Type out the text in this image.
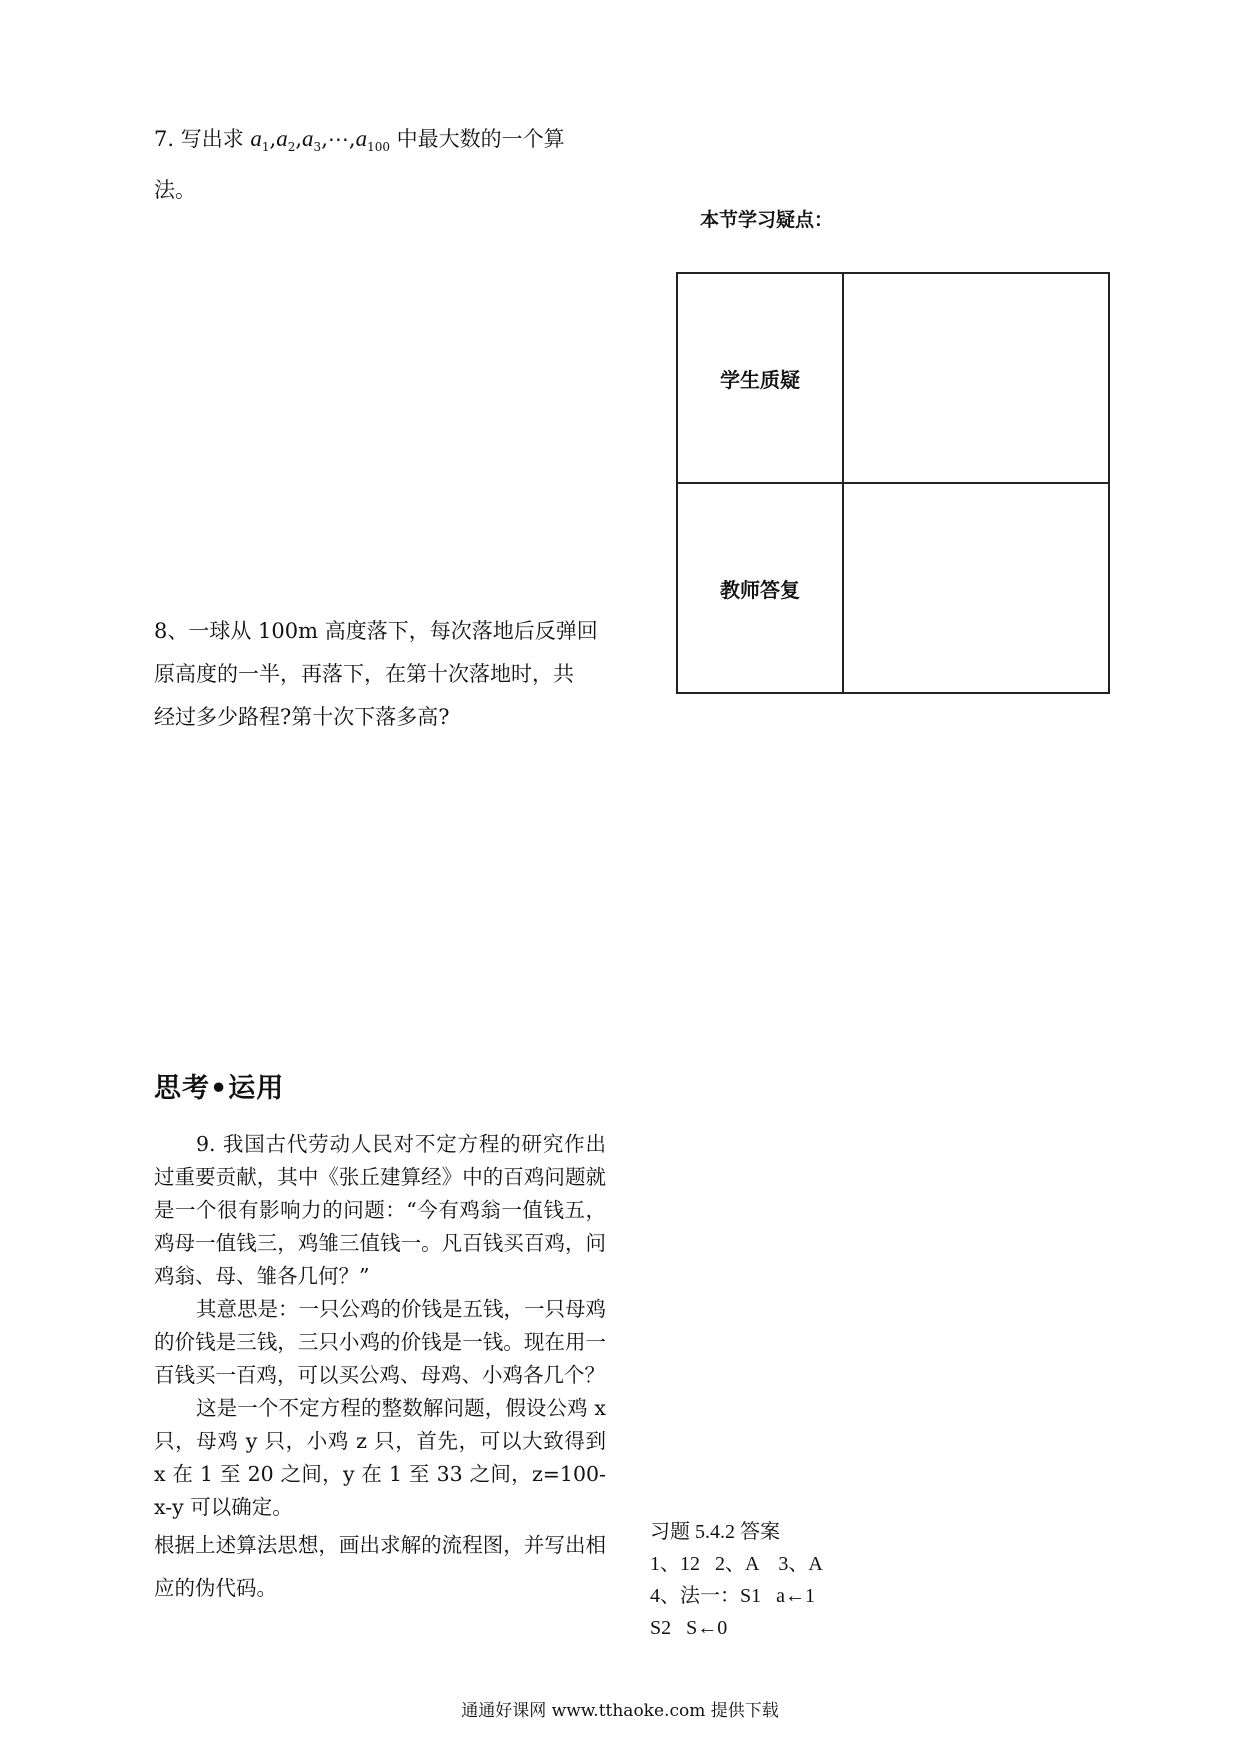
7. 写出求 $a_1,a_2,a_3,\cdots,a_{100}$ 中最大数的一个算
法。
8、一球从 100m 高度落下，每次落地后反弹回
原高度的一半，再落下，在第十次落地时，共
经过多少路程?第十次下落多高?
思考•运用

9. 我国古代劳动人民对不定方程的研究作出过重要贡献，其中《张丘建算经》中的百鸡问题就是一个很有影响力的问题：“今有鸡翁一值钱五，鸡母一值钱三，鸡雏三值钱一。凡百钱买百鸡，问鸡翁、母、雏各几何？”

其意思是：一只公鸡的价钱是五钱，一只母鸡的价钱是三钱，三只小鸡的价钱是一钱。现在用一百钱买一百鸡，可以买公鸡、母鸡、小鸡各几个？

这是一个不定方程的整数解问题，假设公鸡 x 只，母鸡 y 只，小鸡 z 只，首先，可以大致得到 x 在 1 至 20 之间，y 在 1 至 33 之间，z=100-x-y 可以确定。

根据上述算法思想，画出求解的流程图，并写出相应的伪代码。

本节学习疑点：
学生质疑	
教师答复	
习题 5.4.2 答案
1、12   2、A    3、A
4、法一：S1   a←1
S2   S←0
通通好课网 www.tthaoke.com 提供下载
